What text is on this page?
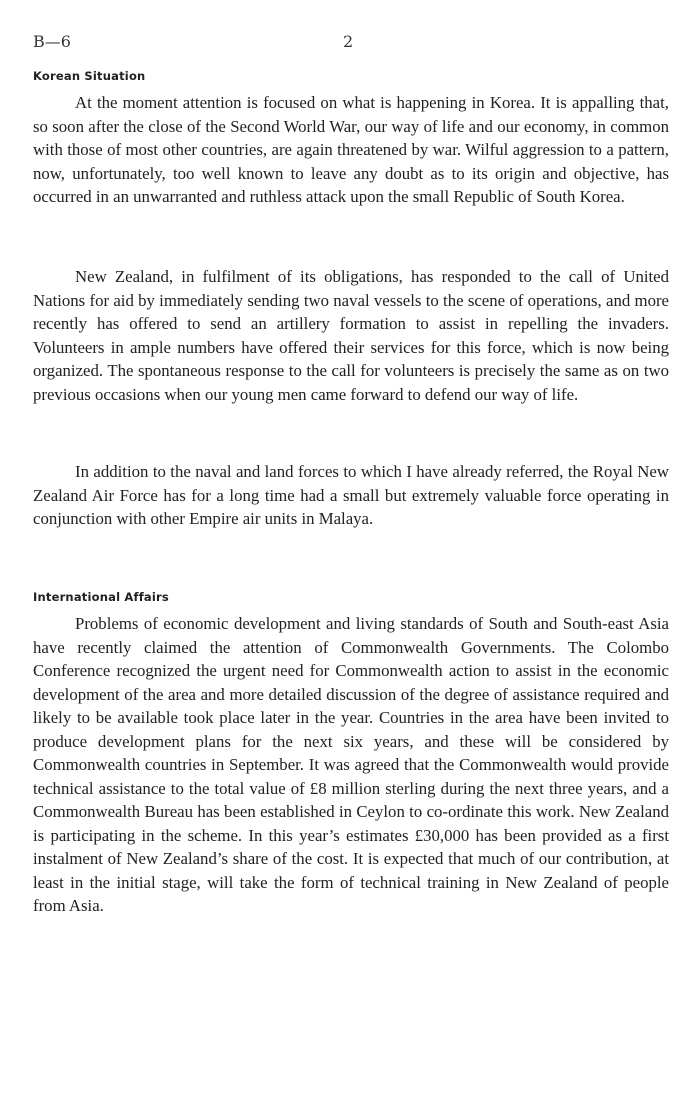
B—6	2
Korean Situation

At the moment attention is focused on what is happening in Korea. It is appalling that, so soon after the close of the Second World War, our way of life and our economy, in common with those of most other countries, are again threatened by war. Wilful aggression to a pattern, now, unfortunately, too well known to leave any doubt as to its origin and objective, has occurred in an unwarranted and ruthless attack upon the small Republic of South Korea.

New Zealand, in fulfilment of its obligations, has responded to the call of United Nations for aid by immediately sending two naval vessels to the scene of operations, and more recently has offered to send an artillery formation to assist in repelling the invaders. Volunteers in ample numbers have offered their services for this force, which is now being organized. The spontaneous response to the call for volunteers is precisely the same as on two previous occasions when our young men came forward to defend our way of life.

In addition to the naval and land forces to which I have already referred, the Royal New Zealand Air Force has for a long time had a small but extremely valuable force operating in conjunction with other Empire air units in Malaya.

International Affairs

Problems of economic development and living standards of South and South-east Asia have recently claimed the attention of Commonwealth Governments. The Colombo Conference recognized the urgent need for Commonwealth action to assist in the economic development of the area and more detailed discussion of the degree of assistance required and likely to be available took place later in the year. Countries in the area have been invited to produce development plans for the next six years, and these will be considered by Commonwealth countries in September. It was agreed that the Commonwealth would provide technical assistance to the total value of £8 million sterling during the next three years, and a Commonwealth Bureau has been established in Ceylon to co-ordinate this work. New Zealand is participating in the scheme. In this year’s estimates £30,000 has been provided as a first instalment of New Zealand’s share of the cost. It is expected that much of our contribution, at least in the initial stage, will take the form of technical training in New Zealand of people from Asia.
